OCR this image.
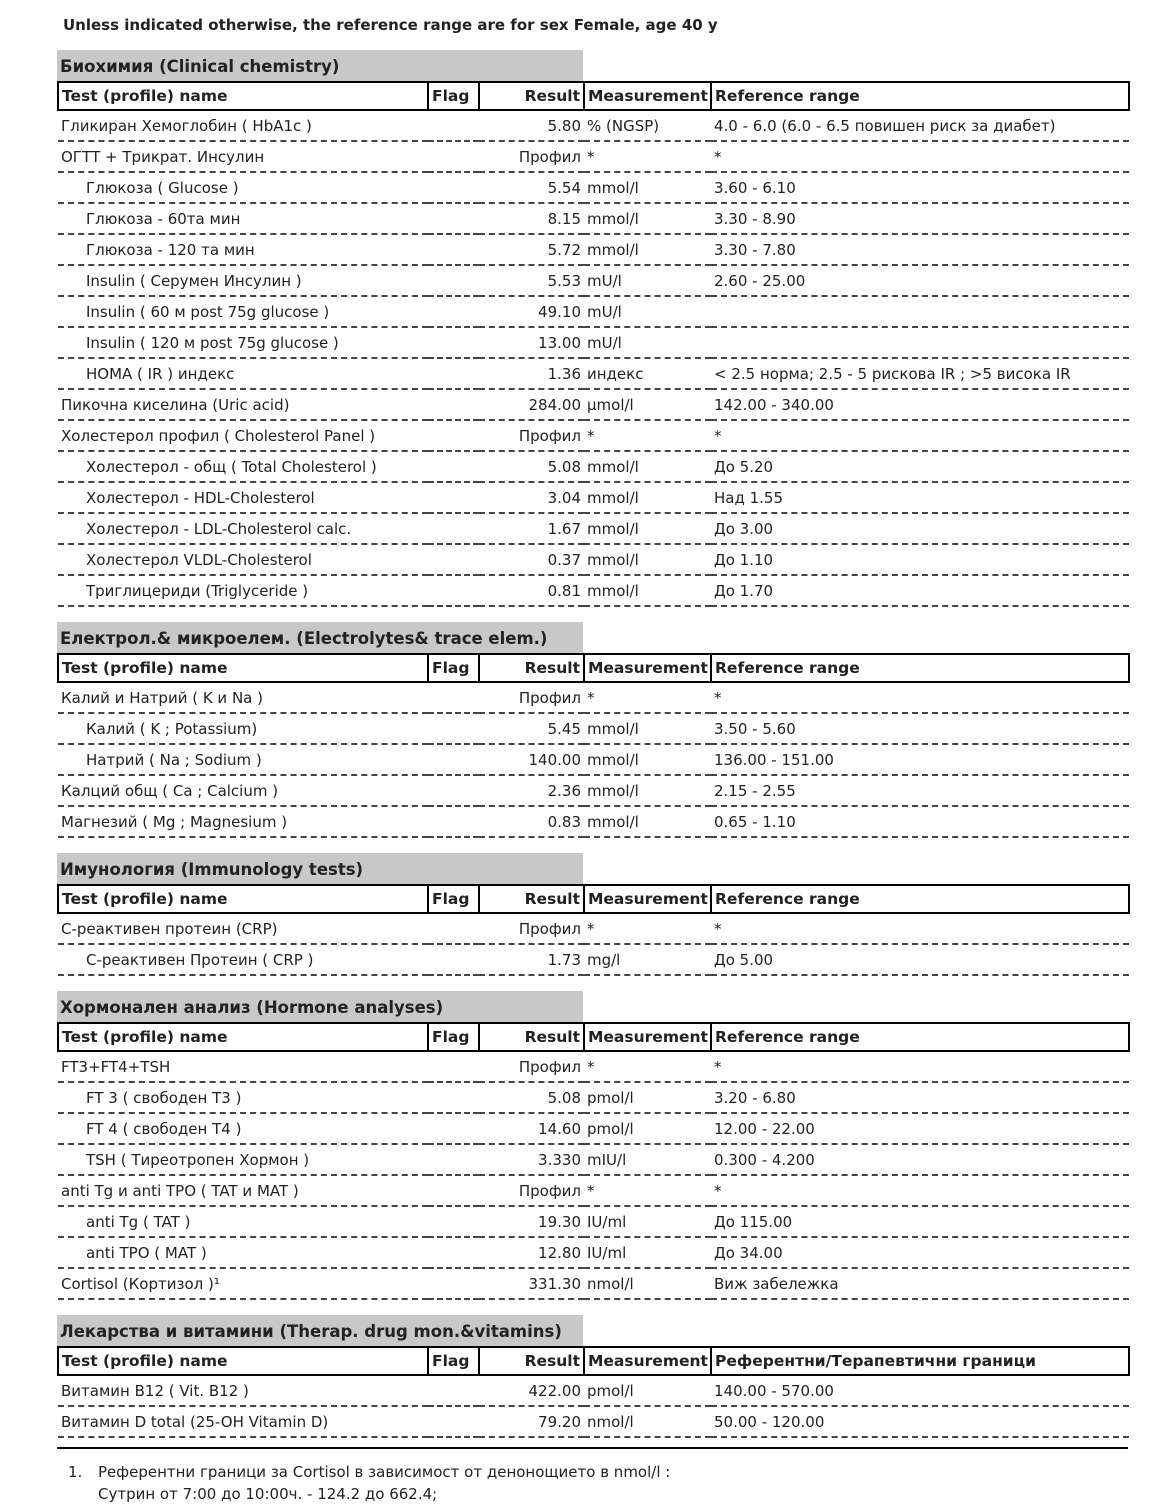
Unless indicated otherwise, the reference range are for sex Female, age 40 y
Биохимия (Clinical chemistry)
Test (profile) name	Flag	Result	Measurement	Reference range
Гликиран Хемоглобин ( HbA1c )		5.80	% (NGSP)	4.0 - 6.0 (6.0 - 6.5 повишен риск за диабет)
ОГТТ + Трикрат. Инсулин		Профил	*	*
Глюкоза ( Glucose )		5.54	mmol/l	3.60 - 6.10
Глюкоза - 60та мин		8.15	mmol/l	3.30 - 8.90
Глюкоза - 120 та мин		5.72	mmol/l	3.30 - 7.80
Insulin ( Серумен Инсулин )		5.53	mU/l	2.60 - 25.00
Insulin ( 60 м post 75g glucose )		49.10	mU/l	
Insulin ( 120 м post 75g glucose )		13.00	mU/l	
HOMA ( IR ) индекс		1.36	индекс	< 2.5 норма; 2.5 - 5 рискова IR ; >5 висока IR
Пикочна киселина (Uric acid)		284.00	µmol/l	142.00 - 340.00
Холестерол профил ( Cholesterol Panel )		Профил	*	*
Холестерол - общ ( Total Cholesterol )		5.08	mmol/l	До 5.20
Холестерол - HDL-Cholesterol		3.04	mmol/l	Над 1.55
Холестерол - LDL-Cholesterol calc.		1.67	mmol/l	До 3.00
Холестерол VLDL-Cholesterol		0.37	mmol/l	До 1.10
Триглицериди (Triglyceride )		0.81	mmol/l	До 1.70
Електрол.& микроелем. (Electrolytes& trace elem.)
Test (profile) name	Flag	Result	Measurement	Reference range
Калий и Натрий ( K и Na )		Профил	*	*
Калий ( K ; Potassium)		5.45	mmol/l	3.50 - 5.60
Натрий ( Na ; Sodium )		140.00	mmol/l	136.00 - 151.00
Калций общ ( Ca ; Calcium )		2.36	mmol/l	2.15 - 2.55
Магнезий ( Mg ; Magnesium )		0.83	mmol/l	0.65 - 1.10
Имунология (Immunology tests)
Test (profile) name	Flag	Result	Measurement	Reference range
С-реактивен протеин (CRP)		Профил	*	*
С-реактивен Протеин ( CRP )		1.73	mg/l	До 5.00
Хормонален анализ (Hormone analyses)
Test (profile) name	Flag	Result	Measurement	Reference range
FT3+FT4+TSH		Профил	*	*
FT 3 ( свободен T3 )		5.08	pmol/l	3.20 - 6.80
FT 4 ( свободен T4 )		14.60	pmol/l	12.00 - 22.00
TSH ( Тиреотропен Хормон )		3.330	mIU/l	0.300 - 4.200
anti Tg и anti TPO ( TAT и MAT )		Профил	*	*
anti Tg ( TAT )		19.30	IU/ml	До 115.00
anti TPO ( MAT )		12.80	IU/ml	До 34.00
Cortisol (Кортизол )¹		331.30	nmol/l	Виж забележка
Лекарства и витамини (Therap. drug mon.&vitamins)
Test (profile) name	Flag	Result	Measurement	Референтни/Терапевтични граници
Витамин B12 ( Vit. B12 )		422.00	pmol/l	140.00 - 570.00
Витамин D total (25-OH Vitamin D)		79.20	nmol/l	50.00 - 120.00
1. Референтни граници за Cortisol в зависимост от денонощието в nmol/l :
Сутрин от 7:00 до 10:00ч. - 124.2 до 662.4;
